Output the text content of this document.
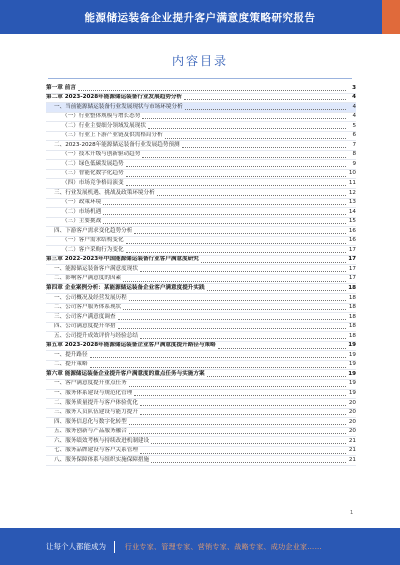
能源储运装备企业提升客户满意度策略研究报告
内容目录
第一章 前言	3
第二章 2023-2028年能源储运装备行业发展趋势分析	4
一、当前能源储运装备行业发展现状与市场环境分析	4
（一）行业整体规模与增长态势	4
（二）行业主要细分领域发展现状	5
（三）行业上下游产业链及供需格局分析	6
二、2023-2028年能源储运装备行业发展趋势预测	7
（一）技术升级与创新驱动趋势	8
（二）绿色低碳发展趋势	9
（三）智能化数字化趋势	10
（四）市场竞争格局演变	11
三、行业发展机遇、挑战及政策环境分析	12
（一）政策环境	13
（二）市场机遇	14
（三）主要挑战	15
四、下游客户需求变化趋势分析	16
（一）客户需求结构变化	16
（二）客户采购行为变化	17
第三章 2022-2023年中国能源储运装备行业客户满意度研究	17
一、能源储运装备客户满意度现状	17
二、影响客户满意度的因素	17
第四章 企业案例分析：某能源储运装备企业客户满意度提升实践	18
一、公司概况及经营发展历程	18
二、公司客户服务体系现状	18
三、公司客户满意度调查	18
四、公司满意度提升举措	18
五、公司提升成效评价与经验总结	18
第五章 2023-2028年能源储运装备企业客户满意度提升路径与策略	19
一、提升路径	19
二、提升策略	19
第六章 能源储运装备企业提升客户满意度的重点任务与实施方案	19
一、客户满意度提升重点任务	19
一、服务体系建设与规范化管理	19
二、服务质量提升与客户体验优化	20
三、服务人员队伍建设与能力提升	20
四、服务信息化与数字化转型	20
五、服务创新与产品服务融合	20
六、服务绩效考核与持续改进机制建设	21
七、服务品牌建设与客户关系管理	21
八、服务保障体系与组织实施保障措施	21
1
让每个人都能成为	行业专家、管理专家、营销专家、战略专家、成功企业家……
